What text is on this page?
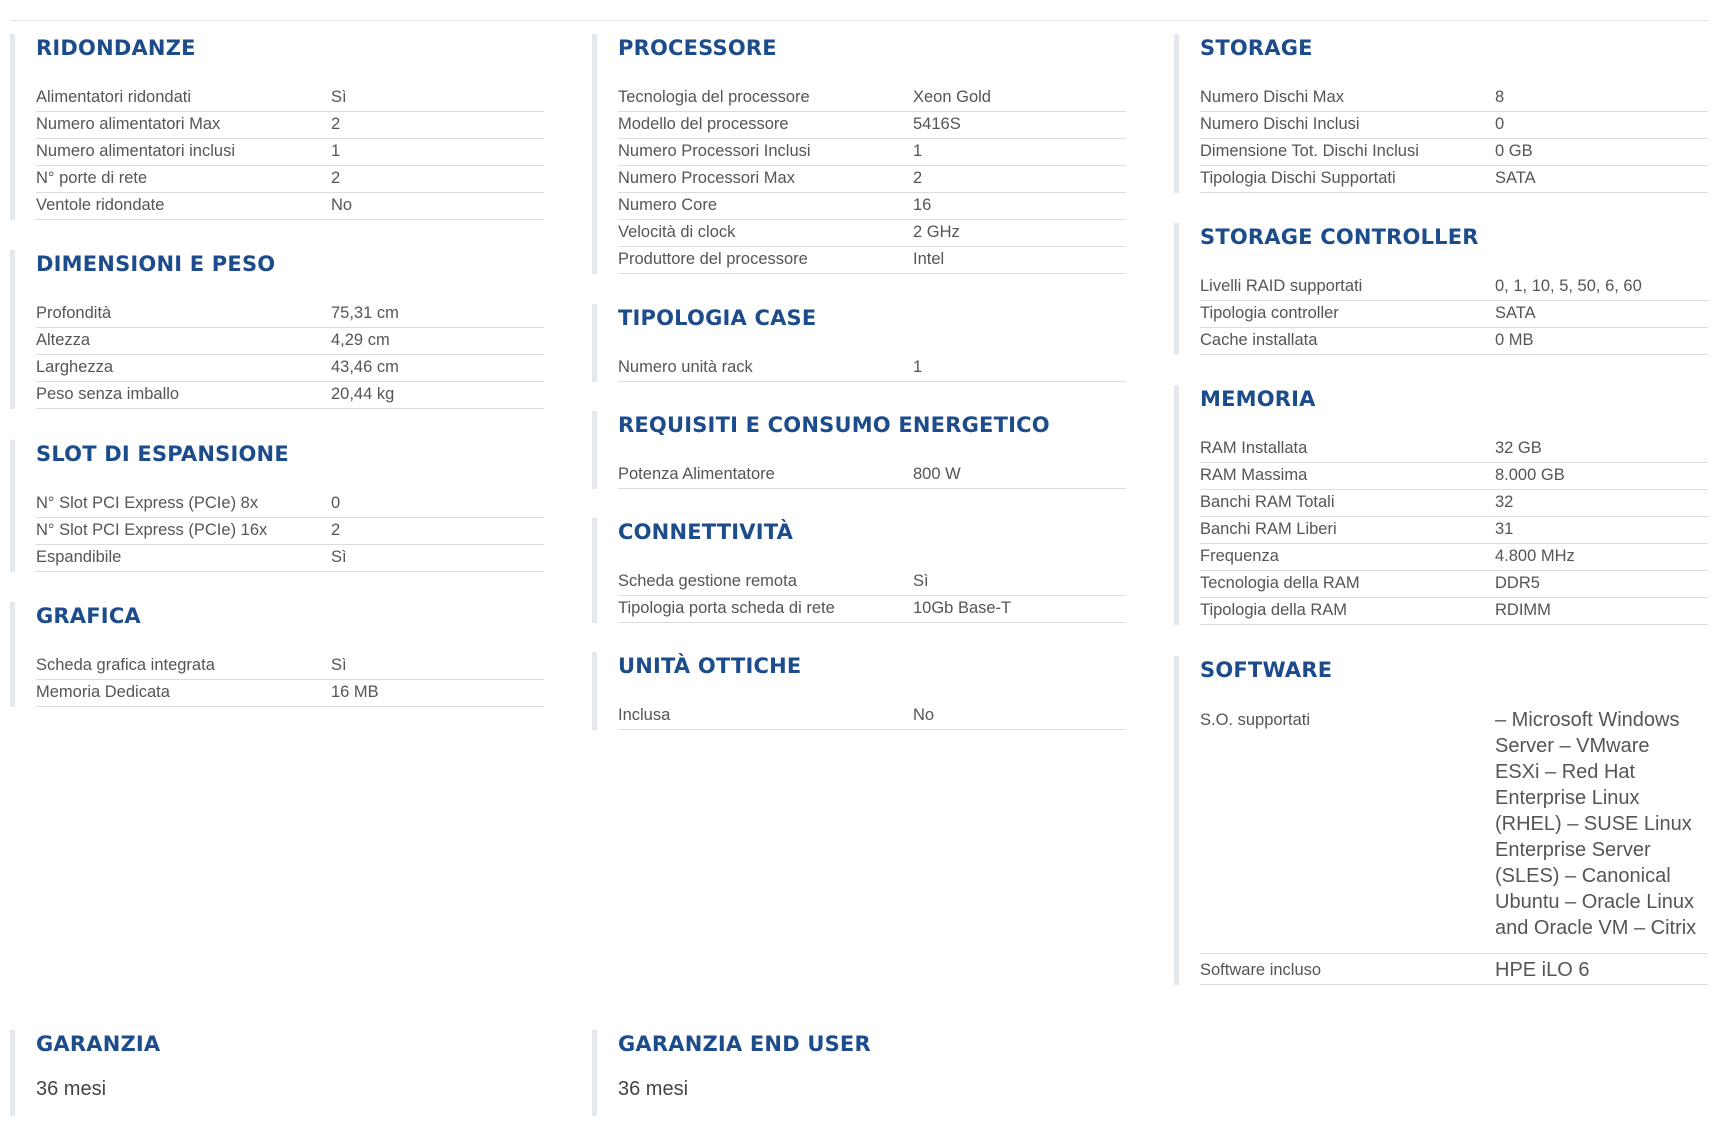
RIDONDANZE
Alimentatori ridondati	Sì
Numero alimentatori Max	2
Numero alimentatori inclusi	1
N° porte di rete	2
Ventole ridondate	No
DIMENSIONI E PESO
Profondità	75,31 cm
Altezza	4,29 cm
Larghezza	43,46 cm
Peso senza imballo	20,44 kg
SLOT DI ESPANSIONE
N° Slot PCI Express (PCIe) 8x	0
N° Slot PCI Express (PCIe) 16x	2
Espandibile	Sì
GRAFICA
Scheda grafica integrata	Sì
Memoria Dedicata	16 MB
PROCESSORE
Tecnologia del processore	Xeon Gold
Modello del processore	5416S
Numero Processori Inclusi	1
Numero Processori Max	2
Numero Core	16
Velocità di clock	2 GHz
Produttore del processore	Intel
TIPOLOGIA CASE
Numero unità rack	1
REQUISITI E CONSUMO ENERGETICO
Potenza Alimentatore	800 W
CONNETTIVITÀ
Scheda gestione remota	Sì
Tipologia porta scheda di rete	10Gb Base-T
UNITÀ OTTICHE
Inclusa	No
STORAGE
Numero Dischi Max	8
Numero Dischi Inclusi	0
Dimensione Tot. Dischi Inclusi	0 GB
Tipologia Dischi Supportati	SATA
STORAGE CONTROLLER
Livelli RAID supportati	0, 1, 10, 5, 50, 6, 60
Tipologia controller	SATA
Cache installata	0 MB
MEMORIA
RAM Installata	32 GB
RAM Massima	8.000 GB
Banchi RAM Totali	32
Banchi RAM Liberi	31
Frequenza	4.800 MHz
Tecnologia della RAM	DDR5
Tipologia della RAM	RDIMM
SOFTWARE
S.O. supportati	– Microsoft Windows Server – VMware ESXi – Red Hat Enterprise Linux (RHEL) – SUSE Linux Enterprise Server (SLES) – Canonical Ubuntu – Oracle Linux and Oracle VM – Citrix
Software incluso	HPE iLO 6
GARANZIA
36 mesi
GARANZIA END USER
36 mesi
